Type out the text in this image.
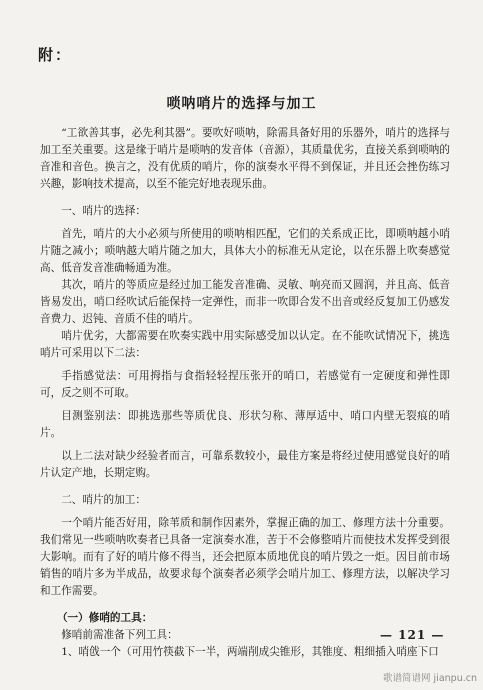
附：
唢呐哨片的选择与加工

“工欲善其事，必先利其器”。要吹好唢呐，除需具备好用的乐器外，哨片的选择与加工至关重要。这是缘于哨片是唢呐的发音体（音源），其质量优劣，直接关系到唢呐的音准和音色。换言之，没有优质的哨片，你的演奏水平得不到保证，并且还会挫伤练习兴趣，影响技术提高，以至不能完好地表现乐曲。

一、哨片的选择：

首先，哨片的大小必须与所使用的唢呐相匹配，它们的关系成正比，即唢呐越小哨片随之减小；唢呐越大哨片随之加大，具体大小的标准无从定论，以在乐器上吹奏感觉高、低音发音准确畅通为准。

其次，哨片的等质应是经过加工能发音准确、灵敏、响亮而又圆润，并且高、低音皆易发出，哨口经吹试后能保持一定弹性，而非一吹即合发不出音或经反复加工仍感发音费力、迟钝、音质不佳的哨片。

哨片优劣，大都需要在吹奏实践中用实际感受加以认定。在不能吹试情况下，挑选哨片可采用以下二法：

手指感觉法：可用拇指与食指轻轻捏压张开的哨口，若感觉有一定硬度和弹性即可，反之则不可取。

目测鉴别法：即挑选那些等质优良、形状匀称、薄厚适中、哨口内壁无裂痕的哨片。

以上二法对缺少经验者而言，可靠系数较小，最佳方案是将经过使用感觉良好的哨片认定产地，长期定购。

二、哨片的加工：

一个哨片能否好用，除苇质和制作因素外，掌握正确的加工、修理方法十分重要。我们常见一些唢呐吹奏者已具备一定演奏水准，苦于不会修整哨片而使技术发挥受到很大影响。而有了好的哨片修不得当，还会把原本质地优良的哨片毁之一炬。因目前市场销售的哨片多为半成品，故要求每个演奏者必须学会哨片加工、修理方法，以解决学习和工作需要。

（一）修哨的工具：

修哨前需准备下列工具：

1、哨戗一个（可用竹筷截下一半，两端削成尖锥形，其锥度、粗细插入哨座下口

— 121 —
歌谱简谱网 jianpu.cn
